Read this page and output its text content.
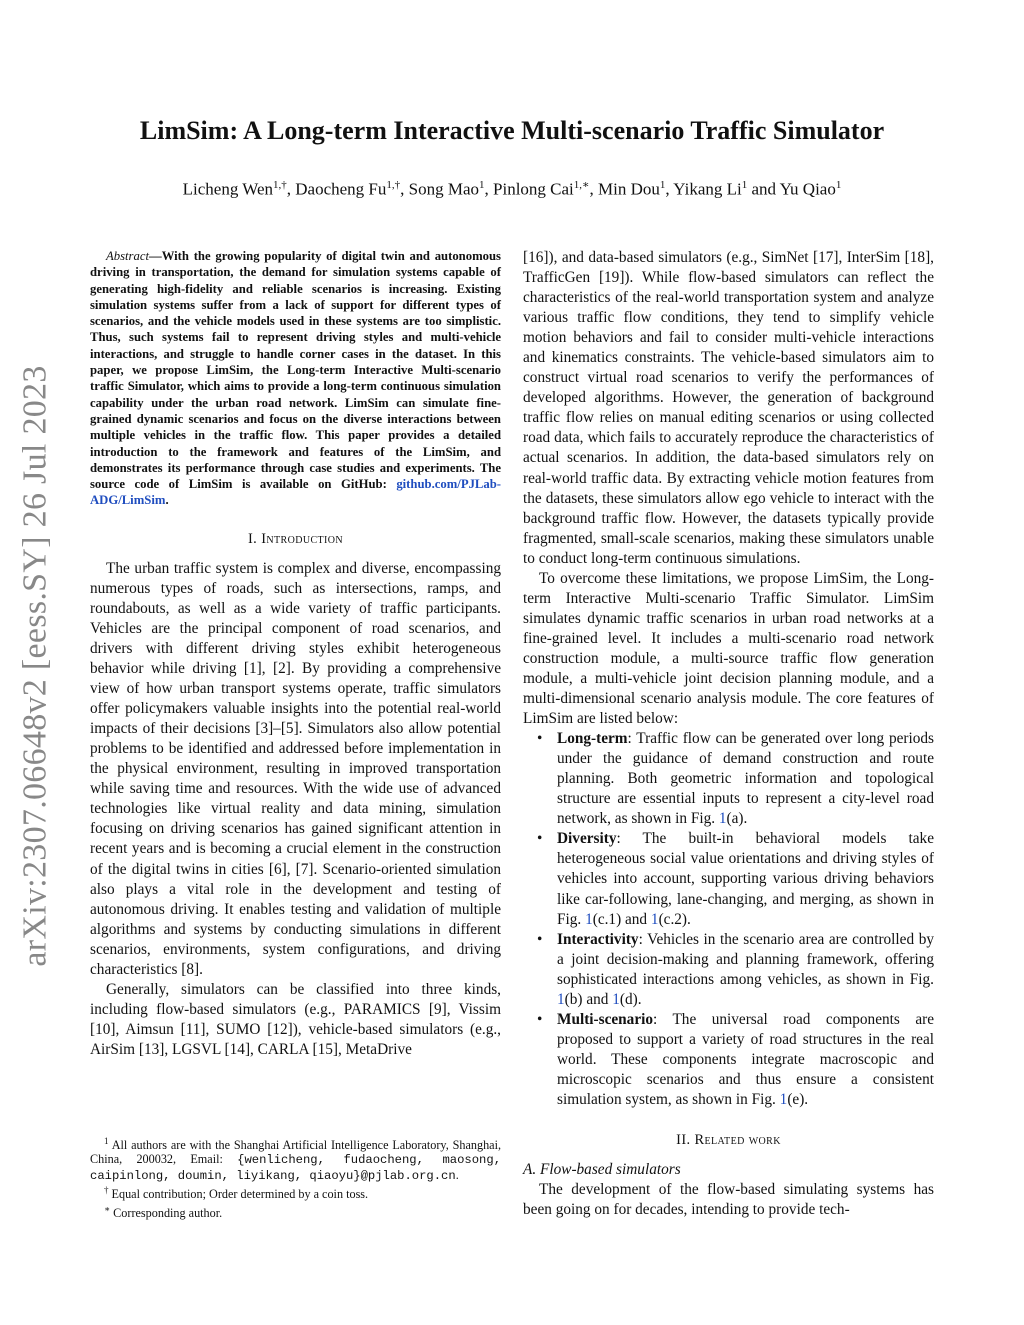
arXiv:2307.06648v2 [eess.SY] 26 Jul 2023
LimSim: A Long-term Interactive Multi-scenario Traffic Simulator
Licheng Wen$^{1,\dagger}$, Daocheng $Fu^{1,\dagger}$, Song Mao$^1$, Pinlong Cai$^{1,∗}$, Min Dou$^1$, Yikang Li$^1$ and Yu Qiao$^1$

Abstract—With the growing popularity of digital twin and autonomous driving in transportation, the demand for simulation systems capable of generating high-fidelity and reliable scenarios is increasing. Existing simulation systems suffer from a lack of support for different types of scenarios, and the vehicle models used in these systems are too simplistic. Thus, such systems fail to represent driving styles and multi-vehicle interactions, and struggle to handle corner cases in the dataset. In this paper, we propose LimSim, the Long-term Interactive Multi-scenario traffic Simulator, which aims to provide a long-term continuous simulation capability under the urban road network. LimSim can simulate fine-grained dynamic scenarios and focus on the diverse interactions between multiple vehicles in the traffic flow. This paper provides a detailed introduction to the framework and features of the LimSim, and demonstrates its performance through case studies and experiments. The source code of LimSim is available on GitHub: github.com/PJLab-ADG/LimSim.

I. Introduction

The urban traffic system is complex and diverse, encompassing numerous types of roads, such as intersections, ramps, and roundabouts, as well as a wide variety of traffic participants. Vehicles are the principal component of road scenarios, and drivers with different driving styles exhibit heterogeneous behavior while driving [1], [2]. By providing a comprehensive view of how urban transport systems operate, traffic simulators offer policymakers valuable insights into the potential real-world impacts of their decisions [3]–[5]. Simulators also allow potential problems to be identified and addressed before implementation in the physical environment, resulting in improved transportation while saving time and resources. With the wide use of advanced technologies like virtual reality and data mining, simulation focusing on driving scenarios has gained significant attention in recent years and is becoming a crucial element in the construction of the digital twins in cities [6], [7]. Scenario-oriented simulation also plays a vital role in the development and testing of autonomous driving. It enables testing and validation of multiple algorithms and systems by conducting simulations in different scenarios, environments, system configurations, and driving characteristics [8].

Generally, simulators can be classified into three kinds, including flow-based simulators (e.g., PARAMICS [9], Vissim [10], Aimsun [11], SUMO [12]), vehicle-based simulators (e.g., AirSim [13], LGSVL [14], CARLA [15], MetaDrive

$^1$ All authors are with the Shanghai Artificial Intelligence Laboratory, Shanghai, China, 200032, Email: {wenlicheng, fudaocheng, maosong, caipinlong, doumin, liyikang, qiaoyu}@pjlab.org.cn.

† Equal contribution; Order determined by a coin toss.

∗ Corresponding author.

[16]), and data-based simulators (e.g., SimNet [17], InterSim [18], TrafficGen [19]). While flow-based simulators can reflect the characteristics of the real-world transportation system and analyze various traffic flow conditions, they tend to simplify vehicle motion behaviors and fail to consider multi-vehicle interactions and kinematics constraints. The vehicle-based simulators aim to construct virtual road scenarios to verify the performances of developed algorithms. However, the generation of background traffic flow relies on manual editing scenarios or using collected road data, which fails to accurately reproduce the characteristics of actual scenarios. In addition, the data-based simulators rely on real-world traffic data. By extracting vehicle motion features from the datasets, these simulators allow ego vehicle to interact with the background traffic flow. However, the datasets typically provide fragmented, small-scale scenarios, making these simulators unable to conduct long-term continuous simulations.

To overcome these limitations, we propose LimSim, the Long-term Interactive Multi-scenario Traffic Simulator. LimSim simulates dynamic traffic scenarios in urban road networks at a fine-grained level. It includes a multi-scenario road network construction module, a multi-source traffic flow generation module, a multi-vehicle joint decision planning module, and a multi-dimensional scenario analysis module. The core features of LimSim are listed below:

• Long-term: Traffic flow can be generated over long periods under the guidance of demand construction and route planning. Both geometric information and topological structure are essential inputs to represent a city-level road network, as shown in Fig. 1(a).
• Diversity: The built-in behavioral models take heterogeneous social value orientations and driving styles of vehicles into account, supporting various driving behaviors like car-following, lane-changing, and merging, as shown in Fig. 1(c.1) and 1(c.2).
• Interactivity: Vehicles in the scenario area are controlled by a joint decision-making and planning framework, offering sophisticated interactions among vehicles, as shown in Fig. 1(b) and 1(d).
• Multi-scenario: The universal road components are proposed to support a variety of road structures in the real world. These components integrate macroscopic and microscopic scenarios and thus ensure a consistent simulation system, as shown in Fig. 1(e).
II. Related work

A. Flow-based simulators

The development of the flow-based simulating systems has been going on for decades, intending to provide tech-
